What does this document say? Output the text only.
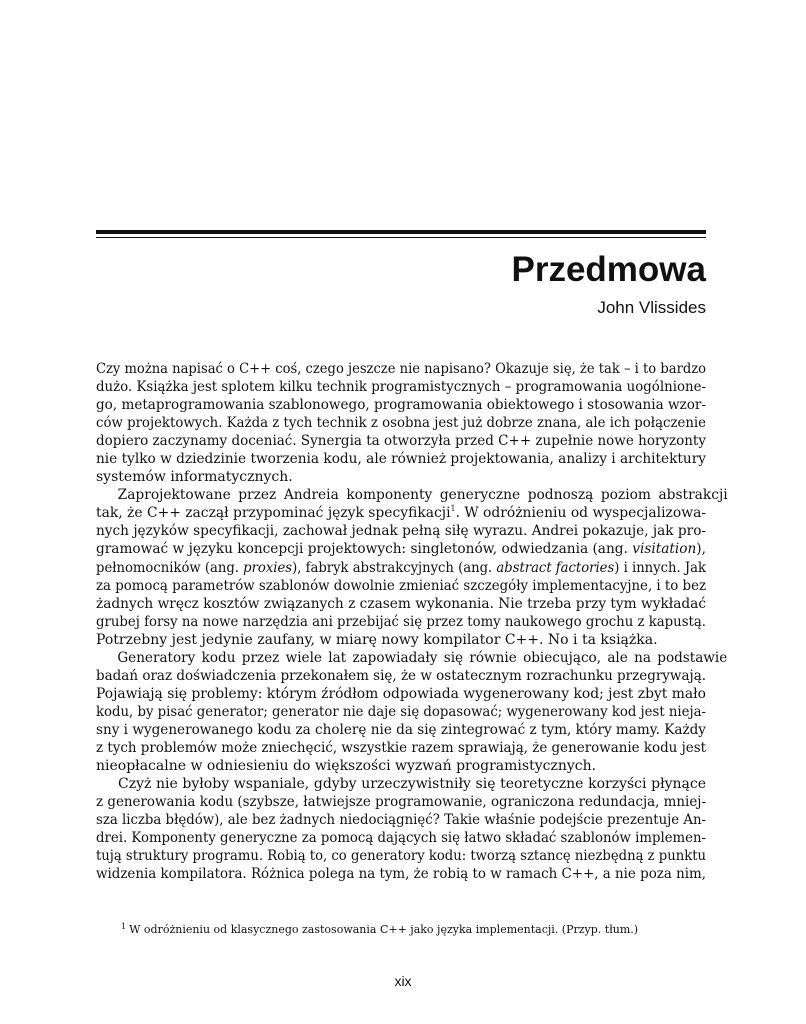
Przedmowa
John Vlissides
Czy można napisać o C++ coś, czego jeszcze nie napisano? Okazuje się, że tak – i to bardzo
dużo. Książka jest splotem kilku technik programistycznych – programowania uogólnione-
go, metaprogramowania szablonowego, programowania obiektowego i stosowania wzor-
ców projektowych. Każda z tych technik z osobna jest już dobrze znana, ale ich połączenie
dopiero zaczynamy doceniać. Synergia ta otworzyła przed C++ zupełnie nowe horyzonty
nie tylko w dziedzinie tworzenia kodu, ale również projektowania, analizy i architektury
systemów informatycznych.
Zaprojektowane przez Andreia komponenty generyczne podnoszą poziom abstrakcji
tak, że C++ zaczął przypominać język specyfikacji$^1$. W odróżnieniu od wyspecjalizowa-
nych języków specyfikacji, zachował jednak pełną siłę wyrazu. Andrei pokazuje, jak pro-
gramować w języku koncepcji projektowych: singletonów, odwiedzania (ang. visitation),
pełnomocników (ang. proxies), fabryk abstrakcyjnych (ang. abstract factories) i innych. Jak
za pomocą parametrów szablonów dowolnie zmieniać szczegóły implementacyjne, i to bez
żadnych wręcz kosztów związanych z czasem wykonania. Nie trzeba przy tym wykładać
grubej forsy na nowe narzędzia ani przebijać się przez tomy naukowego grochu z kapustą.
Potrzebny jest jedynie zaufany, w miarę nowy kompilator C++. No i ta książka.
Generatory kodu przez wiele lat zapowiadały się równie obiecująco, ale na podstawie
badań oraz doświadczenia przekonałem się, że w ostatecznym rozrachunku przegrywają.
Pojawiają się problemy: którym źródłom odpowiada wygenerowany kod; jest zbyt mało
kodu, by pisać generator; generator nie daje się dopasować; wygenerowany kod jest nieja-
sny i wygenerowanego kodu za cholerę nie da się zintegrować z tym, który mamy. Każdy
z tych problemów może zniechęcić, wszystkie razem sprawiają, że generowanie kodu jest
nieopłacalne w odniesieniu do większości wyzwań programistycznych.
Czyż nie byłoby wspaniale, gdyby urzeczywistniły się teoretyczne korzyści płynące
z generowania kodu (szybsze, łatwiejsze programowanie, ograniczona redundacja, mniej-
sza liczba błędów), ale bez żadnych niedociągnięć? Takie właśnie podejście prezentuje An-
drei. Komponenty generyczne za pomocą dających się łatwo składać szablonów implemen-
tują struktury programu. Robią to, co generatory kodu: tworzą sztancę niezbędną z punktu
widzenia kompilatora. Różnica polega na tym, że robią to w ramach C++, a nie poza nim,
$^1$ W odróżnieniu od klasycznego zastosowania C++ jako języka implementacji. (Przyp. tłum.)
xix
